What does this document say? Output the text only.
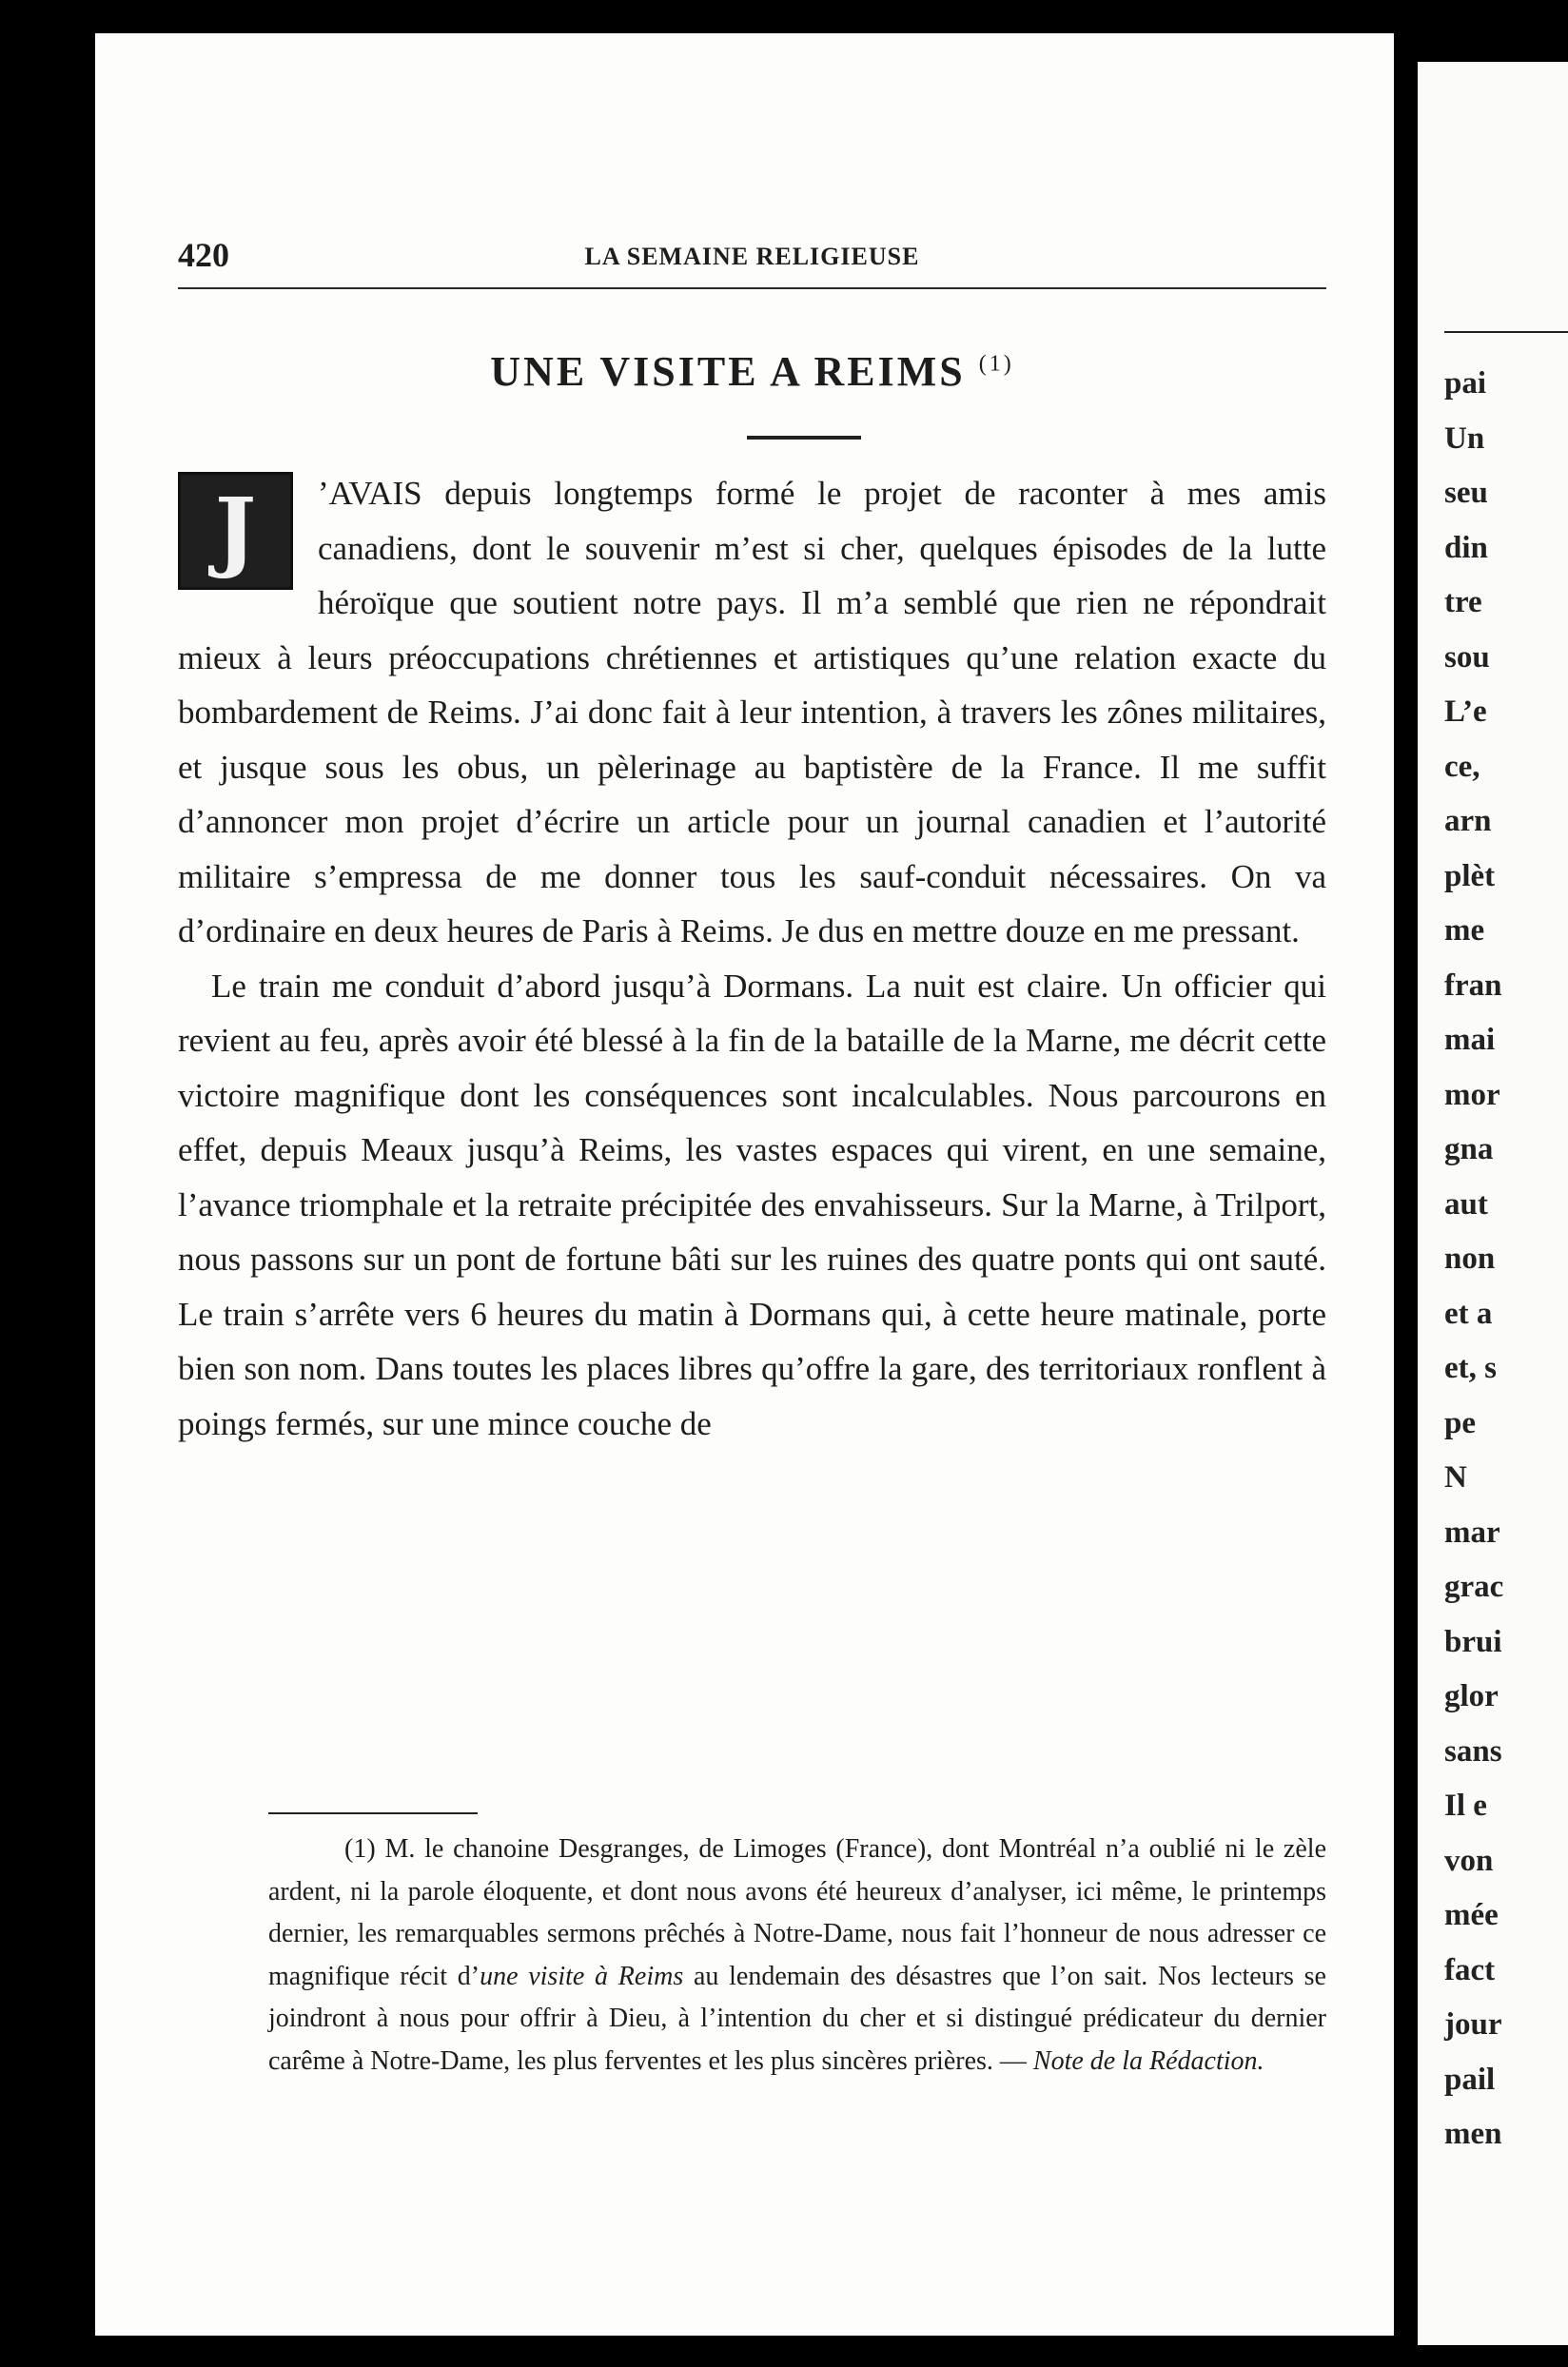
420	LA SEMAINE RELIGIEUSE
UNE VISITE A REIMS $^{(1)}$

J	’AVAIS depuis longtemps formé le projet de raconter à mes amis canadiens, dont le souvenir m’est si cher, quelques épisodes de la lutte héroïque que soutient notre pays. Il m’a semblé que rien ne répondrait mieux à leurs préoccupations chrétiennes et artistiques qu’une relation exacte du bombardement de Reims. J’ai donc fait à leur intention, à travers les zônes militaires, et jusque sous les obus, un pèlerinage au baptistère de la France. Il me suffit d’annoncer mon projet d’écrire un article pour un journal canadien et l’autorité militaire s’empressa de me donner tous les sauf-conduit nécessaires. On va d’ordinaire en deux heures de Paris à Reims. Je dus en mettre douze en me pressant.

Le train me conduit d’abord jusqu’à Dormans. La nuit est claire. Un officier qui revient au feu, après avoir été blessé à la fin de la bataille de la Marne, me décrit cette victoire magnifique dont les conséquences sont incalculables. Nous parcourons en effet, depuis Meaux jusqu’à Reims, les vastes espaces qui virent, en une semaine, l’avance triomphale et la retraite précipitée des envahisseurs. Sur la Marne, à Trilport, nous passons sur un pont de fortune bâti sur les ruines des quatre ponts qui ont sauté. Le train s’arrête vers 6 heures du matin à Dormans qui, à cette heure matinale, porte bien son nom. Dans toutes les places libres qu’offre la gare, des territoriaux ronflent à poings fermés, sur une mince couche de

(1) M. le chanoine Desgranges, de Limoges (France), dont Montréal n’a oublié ni le zèle ardent, ni la parole éloquente, et dont nous avons été heureux d’analyser, ici même, le printemps dernier, les remarquables sermons prêchés à Notre-Dame, nous fait l’honneur de nous adresser ce magnifique récit d’une visite à Reims au lendemain des désastres que l’on sait. Nos lecteurs se joindront à nous pour offrir à Dieu, à l’intention du cher et si distingué prédicateur du dernier carême à Notre-Dame, les plus ferventes et les plus sincères prières. — Note de la Rédaction.
pai
Un
seu
din
tre
sou
L’e
ce,
arn
plèt
me
fran
mai
mor
gna
aut
non
et a
et, s
pe
N
mar
grac
brui
glor
sans
Il e
von
mée
fact
jour
pail
men
